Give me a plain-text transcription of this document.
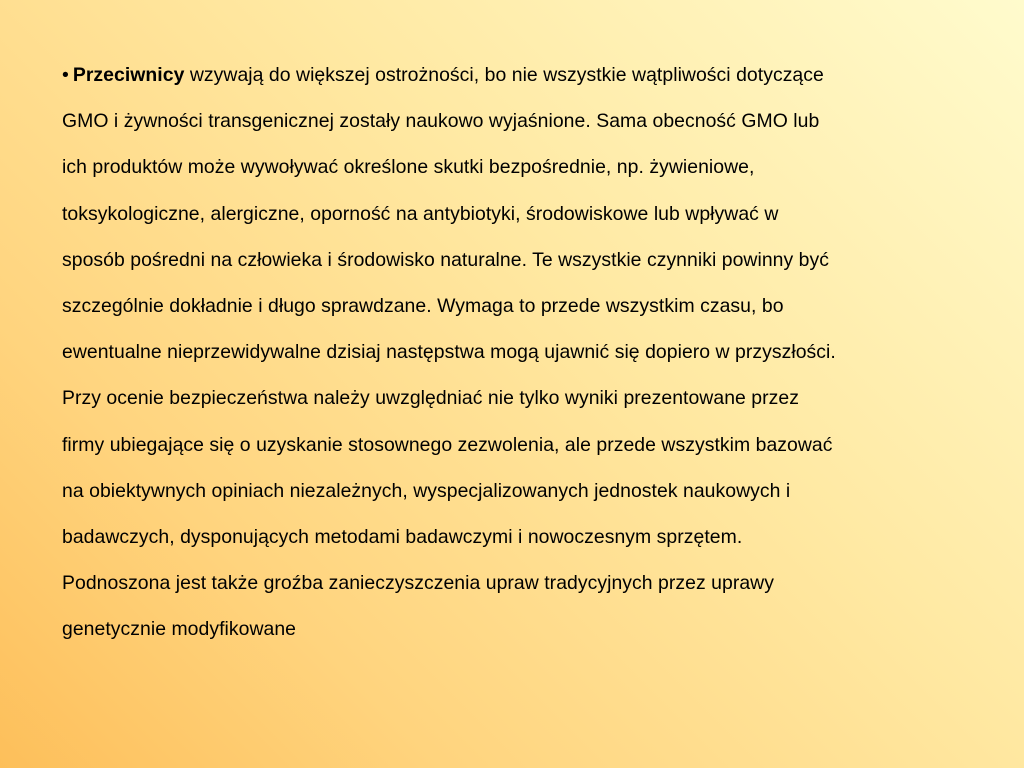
• Przeciwnicy wzywają do większej ostrożności, bo nie wszystkie wątpliwości dotyczące
GMO i żywności transgenicznej zostały naukowo wyjaśnione. Sama obecność GMO lub
ich produktów może wywoływać określone skutki bezpośrednie, np. żywieniowe,
toksykologiczne, alergiczne, oporność na antybiotyki, środowiskowe lub wpływać w
sposób pośredni na człowieka i środowisko naturalne. Te wszystkie czynniki powinny być
szczególnie dokładnie i długo sprawdzane. Wymaga to przede wszystkim czasu, bo
ewentualne nieprzewidywalne dzisiaj następstwa mogą ujawnić się dopiero w przyszłości.
Przy ocenie bezpieczeństwa należy uwzględniać nie tylko wyniki prezentowane przez
firmy ubiegające się o uzyskanie stosownego zezwolenia, ale przede wszystkim bazować
na obiektywnych opiniach niezależnych, wyspecjalizowanych jednostek naukowych i
badawczych, dysponujących metodami badawczymi i nowoczesnym sprzętem.
Podnoszona jest także groźba zanieczyszczenia upraw tradycyjnych przez uprawy
genetycznie modyfikowane
